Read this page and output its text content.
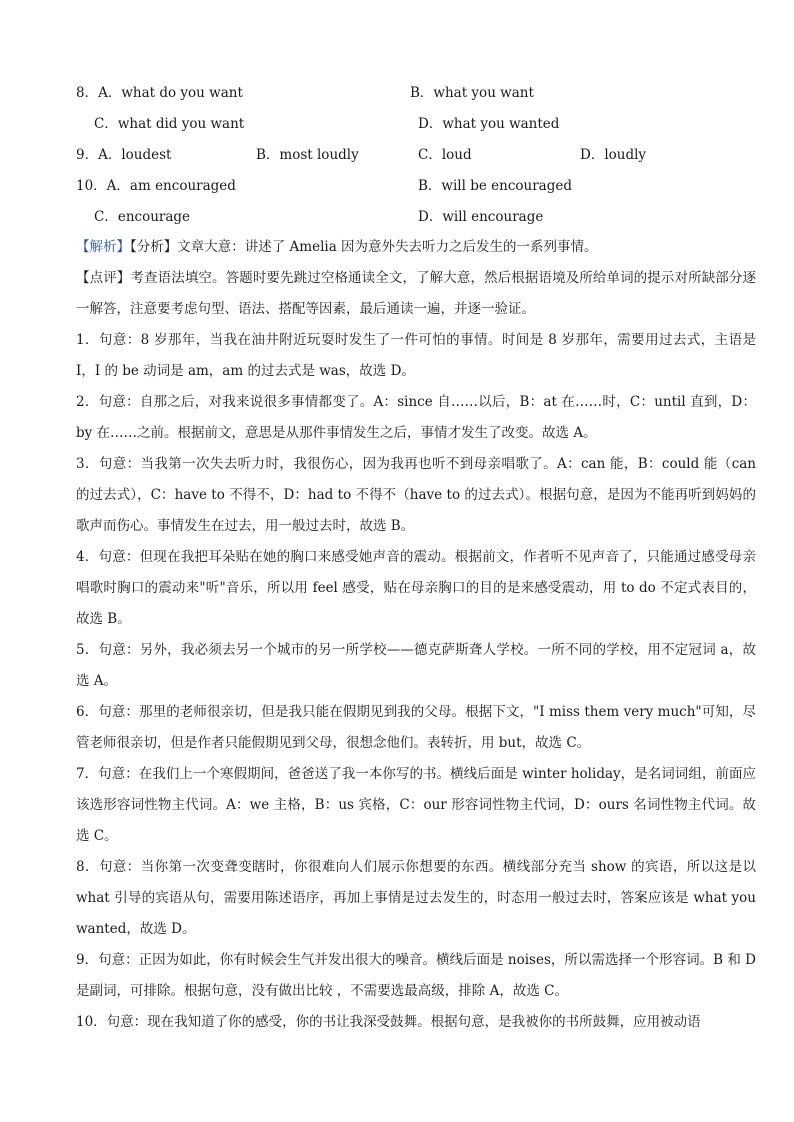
8．A．what do you want	B．what you want
C．what did you want	D．what you wanted
9．A．loudest	B．most loudly	C．loud	D．loudly
10．A．am encouraged	B．will be encouraged
C．encourage	D．will encourage

【解析】【分析】文章大意：讲述了 Amelia 因为意外失去听力之后发生的一系列事情。

【点评】考查语法填空。答题时要先跳过空格通读全文，了解大意，然后根据语境及所给单词的提示对所缺部分逐一解答，注意要考虑句型、语法、搭配等因素，最后通读一遍，并逐一验证。

1．句意：8 岁那年，当我在油井附近玩耍时发生了一件可怕的事情。时间是 8 岁那年，需要用过去式，主语是 I，I 的 be 动词是 am，am 的过去式是 was，故选 D。

2．句意：自那之后，对我来说很多事情都变了。A：since 自……以后，B：at 在……时，C：until 直到，D：by 在……之前。根据前文，意思是从那件事情发生之后，事情才发生了改变。故选 A。

3．句意：当我第一次失去听力时，我很伤心，因为我再也听不到母亲唱歌了。A：can 能，B：could 能（can 的过去式），C：have to 不得不，D：had to 不得不（have to 的过去式）。根据句意，是因为不能再听到妈妈的歌声而伤心。事情发生在过去，用一般过去时，故选 B。

4．句意：但现在我把耳朵贴在她的胸口来感受她声音的震动。根据前文，作者听不见声音了，只能通过感受母亲唱歌时胸口的震动来"听"音乐，所以用 feel 感受，贴在母亲胸口的目的是来感受震动，用 to do 不定式表目的，故选 B。

5．句意：另外，我必须去另一个城市的另一所学校——德克萨斯聋人学校。一所不同的学校，用不定冠词 a，故选 A。

6．句意：那里的老师很亲切，但是我只能在假期见到我的父母。根据下文，"I miss them very much"可知，尽管老师很亲切，但是作者只能假期见到父母，很想念他们。表转折，用 but，故选 C。

7．句意：在我们上一个寒假期间，爸爸送了我一本你写的书。横线后面是 winter holiday，是名词词组，前面应该选形容词性物主代词。A：we 主格，B：us 宾格，C：our 形容词性物主代词，D：ours 名词性物主代词。故选 C。

8．句意：当你第一次变聋变瞎时，你很难向人们展示你想要的东西。横线部分充当 show 的宾语，所以这是以 what 引导的宾语从句，需要用陈述语序，再加上事情是过去发生的，时态用一般过去时，答案应该是 what you wanted，故选 D。

9．句意：正因为如此，你有时候会生气并发出很大的噪音。横线后面是 noises，所以需选择一个形容词。B 和 D 是副词，可排除。根据句意，没有做出比较 ，不需要选最高级，排除 A，故选 C。

10．句意：现在我知道了你的感受，你的书让我深受鼓舞。根据句意，是我被你的书所鼓舞，应用被动语
